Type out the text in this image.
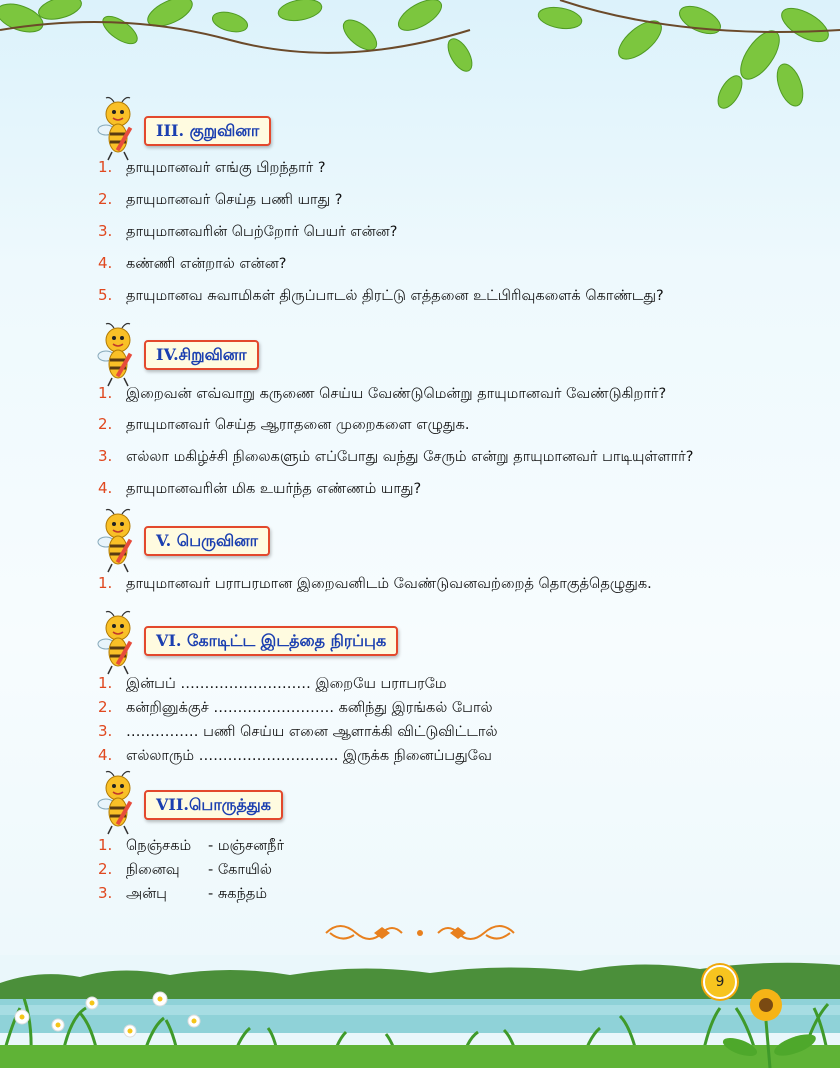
III. குறுவினா
1. தாயுமானவர் எங்கு பிறந்தார் ?
2. தாயுமானவர் செய்த பணி யாது ?
3. தாயுமானவரின் பெற்றோர் பெயர் என்ன?
4. கண்ணி என்றால் என்ன?
5. தாயுமானவ சுவாமிகள் திருப்பாடல் திரட்டு எத்தனை உட்பிரிவுகளைக் கொண்டது?
IV.சிறுவினா
1. இறைவன் எவ்வாறு கருணை செய்ய வேண்டுமென்று தாயுமானவர் வேண்டுகிறார்?
2. தாயுமானவர் செய்த ஆராதனை முறைகளை எழுதுக.
3. எல்லா மகிழ்ச்சி நிலைகளும் எப்போது வந்து சேரும் என்று தாயுமானவர் பாடியுள்ளார்?
4. தாயுமானவரின் மிக உயர்ந்த எண்ணம் யாது?
V. பெருவினா
1. தாயுமானவர் பராபரமான இறைவனிடம் வேண்டுவனவற்றைத் தொகுத்தெழுதுக.
VI. கோடிட்ட இடத்தை நிரப்புக
1. இன்பப் ……………………… இறையே பராபரமே
2. கன்றினுக்குச் ……………………. கனிந்து இரங்கல் போல்
3. …………… பணி செய்ய எனை ஆளாக்கி விட்டுவிட்டால்
4. எல்லாரும் ……………………….. இருக்க நினைப்பதுவே
VII.பொருத்துக
1. நெஞ்சகம் - மஞ்சனநீர்
2. நினைவு - கோயில்
3. அன்பு	- சுகந்தம்
9
